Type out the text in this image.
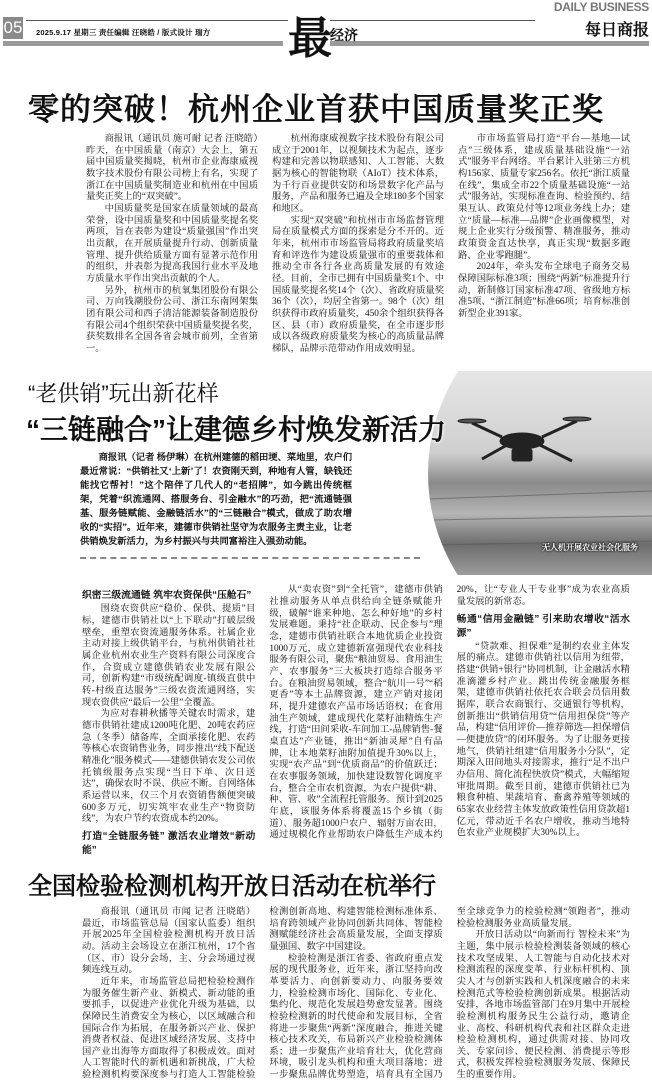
05 2025.9.17 星期三 责任编辑 汪晓皓 / 版式设计 瑞方 最
经济
DAILY BUSINESS
每日商报
零的突破！杭州企业首获中国质量奖正奖

商报讯（通讯员 施可耐 记者 汪晓皓）昨天，在中国质量（南京）大会上，第五届中国质量奖揭晓，杭州市企业海康威视数字技术股份有限公司榜上有名，实现了浙江在中国质量奖制造业和杭州在中国质量奖正奖上的“双突破”。

中国质量奖是国家在质量领域的最高荣誉，设中国质量奖和中国质量奖提名奖两项，旨在表彰为建设“质量强国”作出突出贡献，在开展质量提升行动、创新质量管理、提升供给质量方面有显著示范作用的组织，并表彰为提高我国行业水平及地方质量水平作出突出贡献的个人。

另外，杭州市的杭氧集团股份有限公司、万向钱潮股份公司、浙江东南网架集团有限公司和西子清洁能源装备制造股份有限公司4个组织荣获中国质量奖提名奖，获奖数排名全国各省会城市前列，全省第一。

杭州海康威视数字技术股份有限公司成立于2001年，以视频技术为起点，逐步构建和完善以物联感知、人工智能、大数据为核心的智能物联（AIoT）技术体系，为千行百业提供安防和场景数字化产品与服务，产品和服务已遍及全球180多个国家和地区。

实现“双突破”和杭州市市场监督管理局在质量模式方面的探索是分不开的。近年来，杭州市市场监管局将政府质量奖培育和评选作为建设质量强市的重要载体和推动全市各行各业高质量发展的有效途径。目前，全市已拥有中国质量奖1个、中国质量奖提名奖14个（次）、省政府质量奖36个（次），均居全省第一。98个（次）组织获得市政府质量奖，450余个组织获得各区、县（市）政府质量奖，在全市逐步形成以各级政府质量奖为核心的高质量品牌梯队，品牌示范带动作用成效明显。

市市场监管局打造“平台—基地—试点”三级体系，建成质量基础设施“一站式”服务平台网络。平台累计入驻第三方机构156家、质量专家256名。依托“浙江质量在线”，集成全市22个质量基础设施“一站式”服务站，实现标准查询、检验预约、结果互认、政策兑付等12项业务线上办；建立“质量—标准—品牌”企业画像模型，对规上企业实行分级预警、精准服务，推动政策资金直达快享，真正实现“数据多跑路、企业零跑腿”。

2024年，牵头发布全球电子商务交易保障国际标准3项；围绕“两新”标准提升行动，新制修订国家标准47项、省级地方标准5项、“浙江制造”标准66项；培育标准创新型企业391家。

无人机开展农业社会化服务
“老供销”玩出新花样
“三链融合”让建德乡村焕发新活力

商报讯（记者 杨伊琳）在杭州建德的稻田埂、菜地里，农户们最近常说：“供销社又‘上新’了！农资刚天到，种地有人管，缺钱还能找它帮衬！”这个陪伴了几代人的“老招牌”，如今跳出传统框架，凭着“织流通网、搭服务台、引金融水”的巧劲，把“流通链强基、服务链赋能、金融链活水”的“三链融合”模式，做成了助农增收的“实招”。近年来，建德市供销社坚守为农服务主责主业，让老供销焕发新活力，为乡村振兴与共同富裕注入强劲动能。

织密三级流通链 筑牢农资保供“压舱石”

围绕农资供应“稳价、保供、提质”目标，建德市供销社以“上下联动”打破层级壁垒，重塑农资流通服务体系。社属企业主动对接上级供销平台，与杭州供销社社属企业杭州农业生产资料有限公司深度合作，合资成立建德供销农业发展有限公司，创新构建“市级统配调度-镇级直供中转-村级直达服务”三级农资流通网络，实现农资供应“最后一公里”全覆盖。

为应对春耕秋播等关键农时需求，建德市供销社建成1200吨化肥、20吨农药应急（冬季）储备库，全面承接化肥、农药等核心农资销售业务，同步推出“线下配送精准化”服务模式——建德供销农发公司依托镇级服务点实现“当日下单、次日送达”，确保农时不误、供应不断。自网络体系运营以来，仅三个月农资销售额便突破600多万元，切实筑牢农业生产“物资防线”，为农户节约农资成本约20%。

打造“全链服务链” 激活农业增效“新动能”

从“卖农资”到“全托管”，建德市供销社推动服务从单点供给向全链条赋能升级，破解“谁来种地、怎么种好地”的乡村发展难题。秉持“社企联动、民企参与”理念，建德市供销社联合本地优质企业投资1000万元，成立建德新富强现代农业科技服务有限公司，聚焦“粮油贸易、食用油生产、农事服务”三大板块打造综合服务平台。在粮油贸易领域，整合“航川一号”“稻更香”等本土品牌资源，建立产销对接闭环，提升建德农产品市场话语权；在食用油生产领域，建成现代化菜籽油精炼生产线，打造“田间采收-车间加工-品牌销售-餐桌直达”产业链，推出“新油灵犀”自有品牌，让本地菜籽油附加值提升30%以上，实现“农产品”到“优质商品”的价值跃迁；在农事服务领域，加快建设数智化调度平台，整合全市农机资源，为农户提供“耕、种、管、收”全流程托管服务。预计到2025年底，该服务体系将覆盖15个乡镇（街道）、服务超1000户农户、辐射万亩农田，通过规模化作业帮助农户降低生产成本约20%，让“专业人干专业事”成为农业高质量发展的新常态。

畅通“信用金融链” 引来助农增收“活水源”

“贷款难、担保难”是制约农业主体发展的痛点。建德市供销社以信用为纽带，搭建“供销+银行”协同机制，让金融活水精准滴灌乡村产业。跳出传统金融服务框架，建德市供销社依托农合联会员信用数据库，联合农商银行、交通银行等机构，创新推出“供销信用贷”“信用担保贷”等产品，构建“信用评价—推荐筛选—担保增信—便捷放贷”的闭环服务。为了让服务更接地气，供销社组建“信用服务小分队”，定期深入田间地头对接需求，推行“足不出户办信用、简化流程快放贷”模式，大幅缩短审批周期。截至目前，建德市供销社已为粮食种植、果蔬培育、畜禽养殖等领域的65家农业经营主体发放政策性信用贷款超1亿元，带动近千名农户增收，推动当地特色农业产业规模扩大30%以上。

全国检验检测机构开放日活动在杭举行

商报讯（通讯员 市闻 记者 汪晓皓）最近，市场监管总局（国家认监委）组织开展2025年全国检验检测机构开放日活动。活动主会场设立在浙江杭州，17个省（区、市）设分会场，主、分会场通过视频连线互动。

近年来，市场监管总局把检验检测作为服务催生新产业、新模式、新动能的重要抓手，以促进产业优化升级为基础，以保障民生消费安全为核心，以区域融合和国际合作为拓展，在服务新兴产业、保护消费者权益、促进区域经济发展、支持中国产业出海等方面取得了积极成效。面对人工智能时代的新机遇和新挑战，广大检验检测机构要深度参与打造人工智能检验检测创新高地、构建智能检测标准体系、培育跨领域产业协同创新共同体、智能检测赋能经济社会高质量发展，全面支撑质量强国、数字中国建设。

检验检测是浙江省委、省政府重点发展的现代服务业，近年来，浙江坚持向改革要活力、向创新要动力、向服务要效力，检验检测市场化、国际化、专业化、集约化、规范化发展趋势愈发显著。围绕检验检测新的时代使命和发展目标，全省将进一步聚焦“两新”深度融合，推进关键核心技术攻关，布局新兴产业检验检测体系；进一步聚焦产业培育壮大，优化营商环境，吸引龙头机构和重大项目落地；进一步聚焦品牌优势塑造，培育具有全国乃至全球竞争力的检验检测“领跑者”，推动检验检测服务业高质量发展。

开放日活动以“向新而行 智检未来”为主题，集中展示检验检测装备领域的核心技术攻坚成果、人工智能与自动化技术对检测流程的深度变革、行业标杆机构、顶尖人才与创新实践和人机深度融合的未来检测范式等检验检测创新成果。根据活动安排，各地市场监管部门在9月集中开展检验检测机构服务民生公益行动，邀请企业、高校、科研机构代表和社区群众走进检验检测机构，通过供需对接、协同攻关、专家问诊、便民检测、消费提示等形式，积极发挥检验检测服务发展、保障民生的重要作用。
